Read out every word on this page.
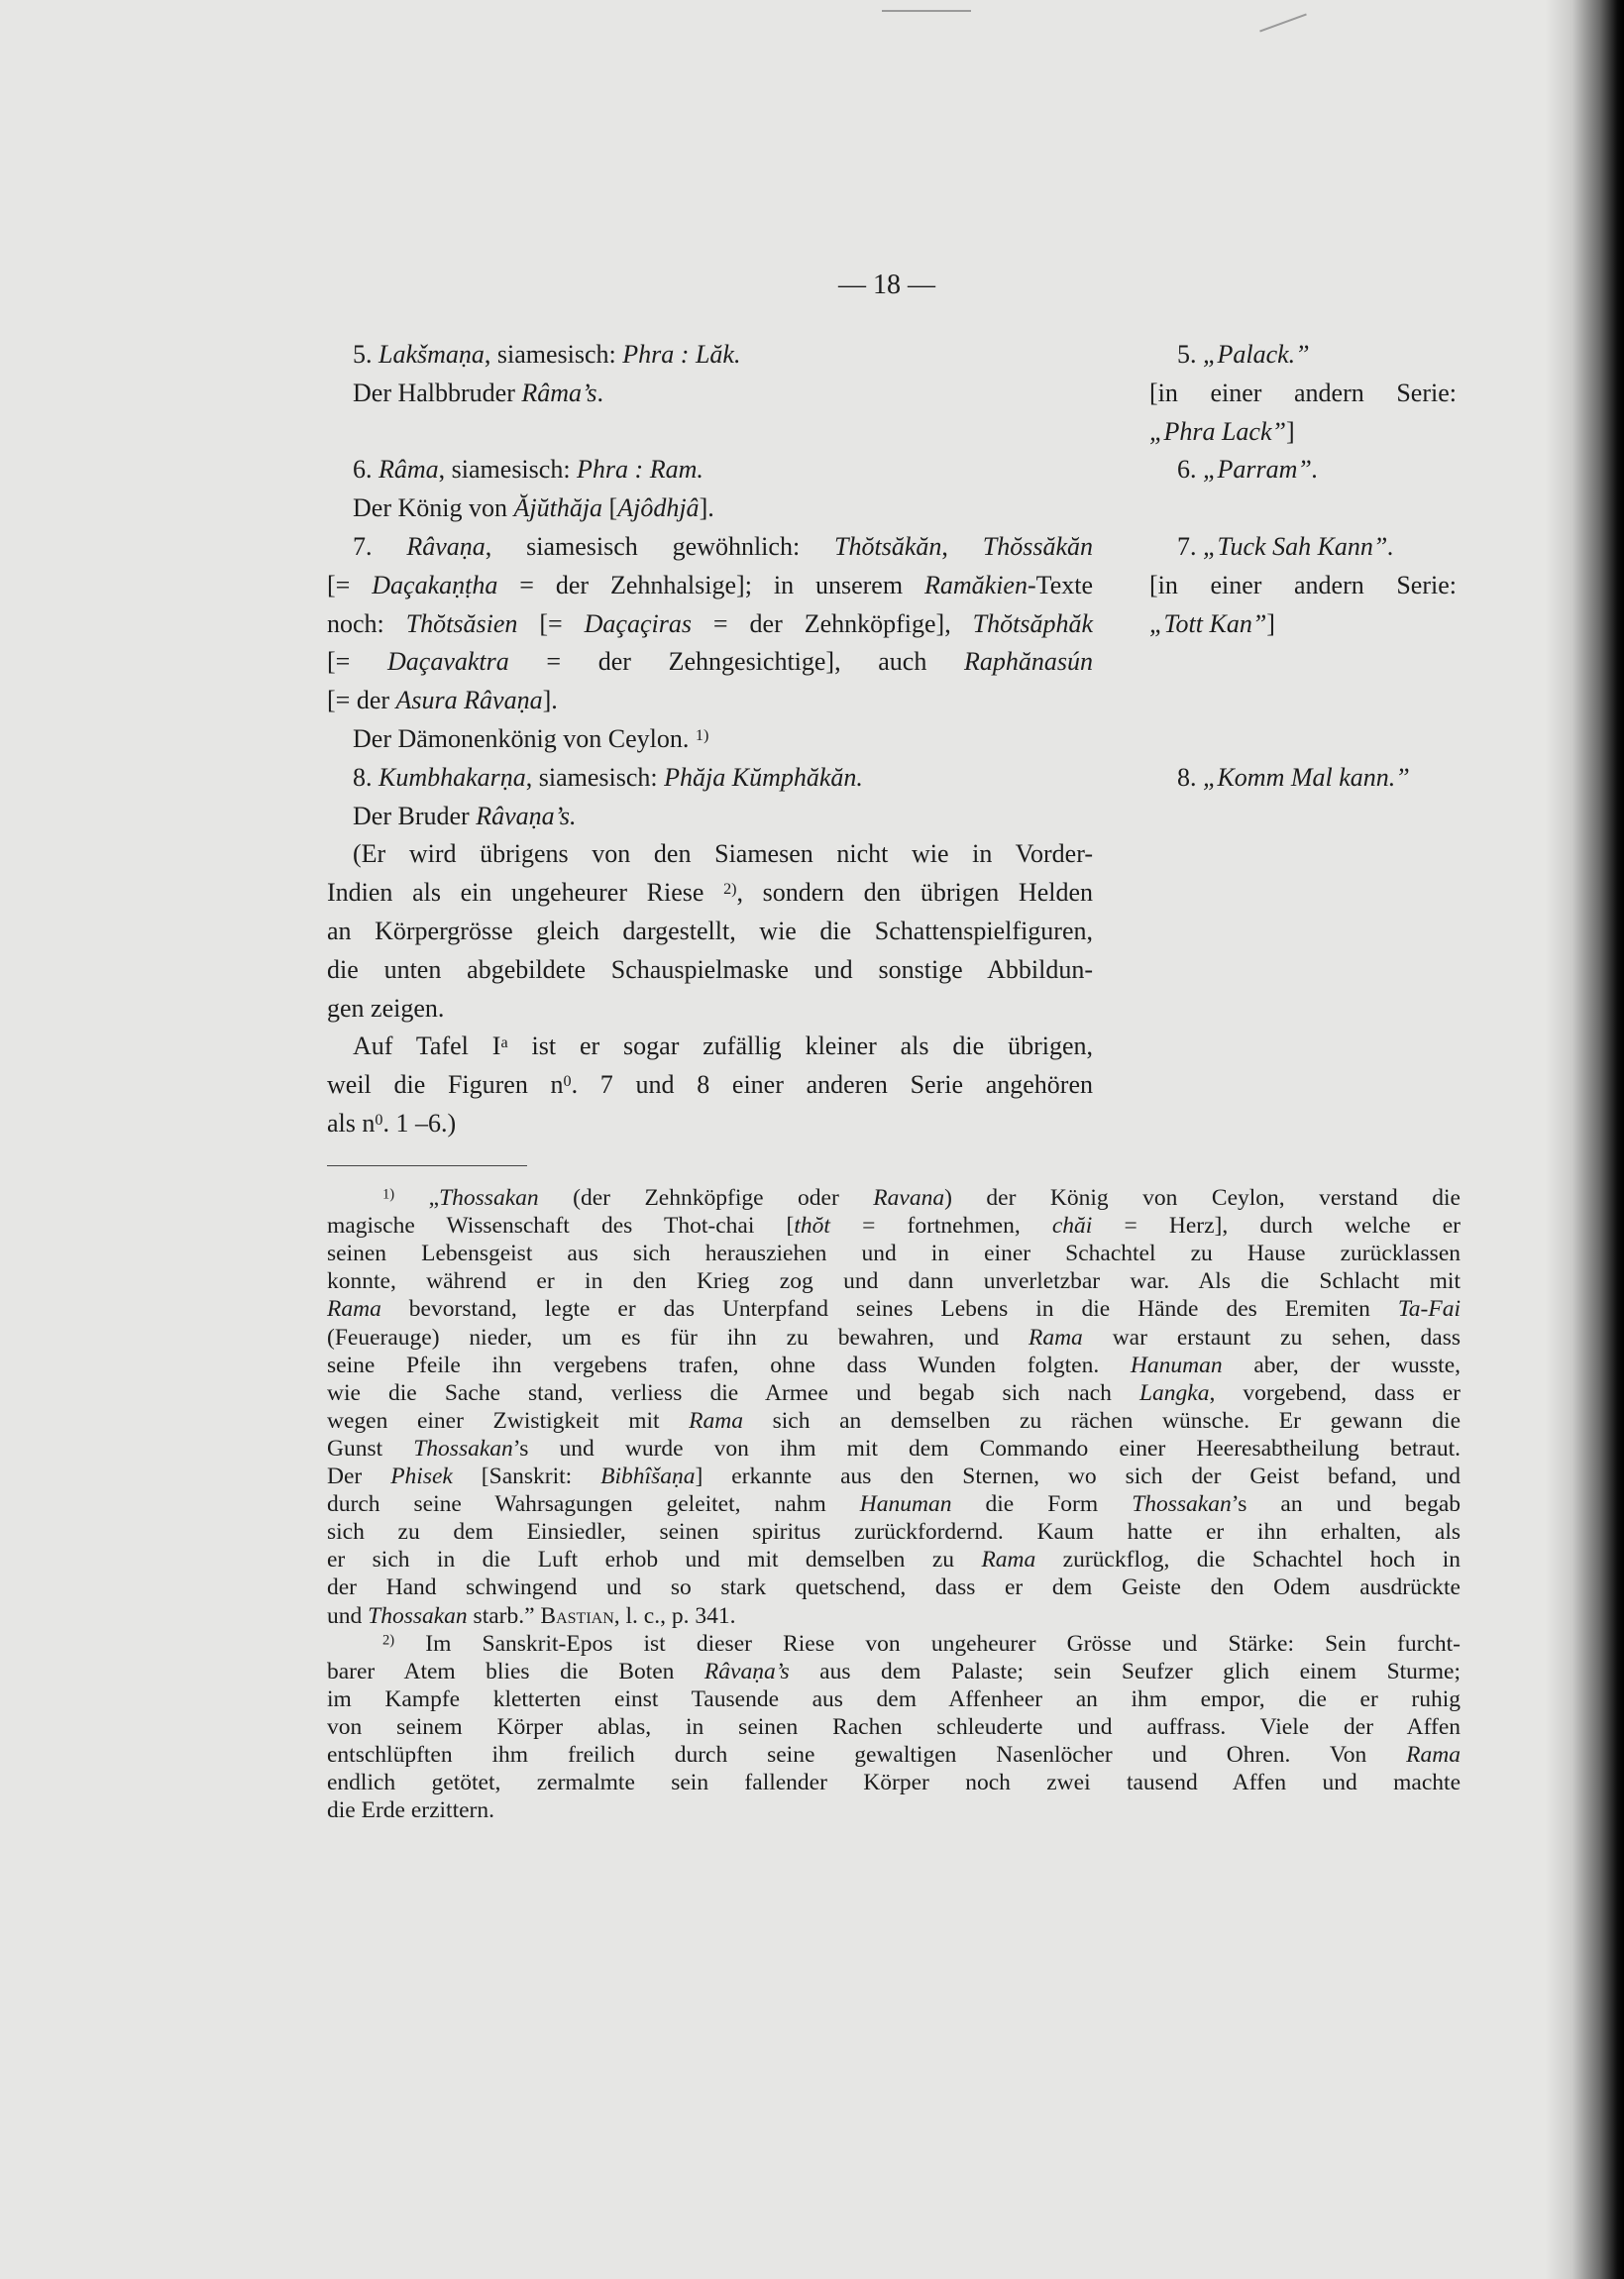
— 18 —
5. Lakšmaṇa, siamesisch: Phra : Lăk.
Der Halbbruder Râma’s.
6. Râma, siamesisch: Phra : Ram.
Der König von Ăjŭthăja [Ajôdhjâ].
7. Râvaṇa, siamesisch gewöhnlich: Thŏtsăkăn, Thŏssăkăn
[= Daçakaṇṭha = der Zehnhalsige]; in unserem Ramăkien-Texte
noch: Thŏtsăsien [= Daçaçiras = der Zehnköpfige], Thŏtsăphăk
[= Daçavaktra = der Zehngesichtige], auch Raphănasún
[= der Asura Râvaṇa].
Der Dämonenkönig von Ceylon. $^{1)}$
8. Kumbhakarṇa, siamesisch: Phăja Kŭmphăkăn.
Der Bruder Râvaṇa’s.
(Er wird übrigens von den Siamesen nicht wie in Vorder-
Indien als ein ungeheurer Riese $^{2)}$, sondern den übrigen Helden
an Körpergrösse gleich dargestellt, wie die Schattenspielfiguren,
die unten abgebildete Schauspielmaske und sonstige Abbildun-
gen zeigen.
Auf Tafel $I^a$ ist er sogar zufällig kleiner als die übrigen,
weil die Figuren $n^0$. 7 und 8 einer anderen Serie angehören
als $n^0$. 1 –6.)
5. „Palack.”
[in einer andern Serie:
„Phra Lack”]
6. „Parram”.
7. „Tuck Sah Kann”.
[in einer andern Serie:
„Tott Kan”]
8. „Komm Mal kann.”
$^{1)}$ „Thossakan (der Zehnköpfige oder Ravana) der König von Ceylon, verstand die
magische Wissenschaft des Thot-chai [thŏt = fortnehmen, chăi = Herz], durch welche er
seinen Lebensgeist aus sich herausziehen und in einer Schachtel zu Hause zurücklassen
konnte, während er in den Krieg zog und dann unverletzbar war. Als die Schlacht mit
Rama bevorstand, legte er das Unterpfand seines Lebens in die Hände des Eremiten Ta-Fai
(Feuerauge) nieder, um es für ihn zu bewahren, und Rama war erstaunt zu sehen, dass
seine Pfeile ihn vergebens trafen, ohne dass Wunden folgten. Hanuman aber, der wusste,
wie die Sache stand, verliess die Armee und begab sich nach Langka, vorgebend, dass er
wegen einer Zwistigkeit mit Rama sich an demselben zu rächen wünsche. Er gewann die
Gunst Thossakan’s und wurde von ihm mit dem Commando einer Heeresabtheilung betraut.
Der Phisek [Sanskrit: Bibhîšaṇa] erkannte aus den Sternen, wo sich der Geist befand, und
durch seine Wahrsagungen geleitet, nahm Hanuman die Form Thossakan’s an und begab
sich zu dem Einsiedler, seinen spiritus zurückfordernd. Kaum hatte er ihn erhalten, als
er sich in die Luft erhob und mit demselben zu Rama zurückflog, die Schachtel hoch in
der Hand schwingend und so stark quetschend, dass er dem Geiste den Odem ausdrückte
und Thossakan starb.” Bastian, l. c., p. 341.
$^{2)}$ Im Sanskrit-Epos ist dieser Riese von ungeheurer Grösse und Stärke: Sein furcht-
barer Atem blies die Boten Râvaṇa’s aus dem Palaste; sein Seufzer glich einem Sturme;
im Kampfe kletterten einst Tausende aus dem Affenheer an ihm empor, die er ruhig
von seinem Körper ablas, in seinen Rachen schleuderte und auffrass. Viele der Affen
entschlüpften ihm freilich durch seine gewaltigen Nasenlöcher und Ohren. Von Rama
endlich getötet, zermalmte sein fallender Körper noch zwei tausend Affen und machte
die Erde erzittern.
